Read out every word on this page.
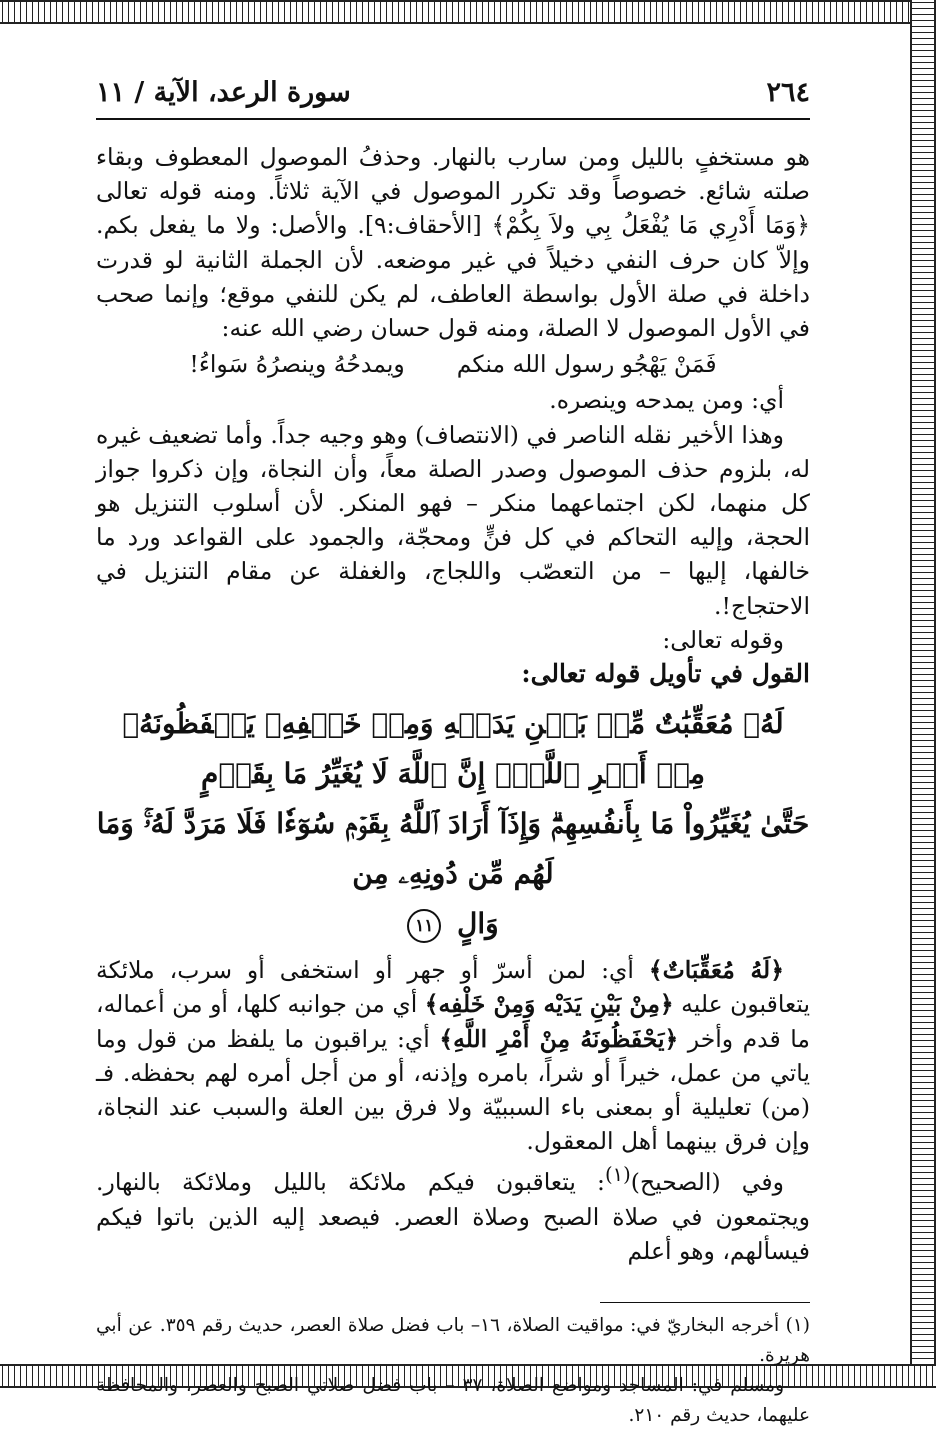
٢٦٤
سورة الرعد، الآية / ١١

هو مستخفٍ بالليل ومن سارب بالنهار. وحذفُ الموصول المعطوف وبقاء صلته شائع. خصوصاً وقد تكرر الموصول في الآية ثلاثاً. ومنه قوله تعالى ﴿وَمَا أَدْرِي مَا يُفْعَلُ بِي ولاَ بِكُمْ﴾ [الأحقاف:٩]. والأصل: ولا ما يفعل بكم. وإلاّ كان حرف النفي دخيلاً في غير موضعه. لأن الجملة الثانية لو قدرت داخلة في صلة الأول بواسطة العاطف، لم يكن للنفي موقع؛ وإنما صحب في الأول الموصول لا الصلة، ومنه قول حسان رضي الله عنه:

فَمَنْ يَهْجُو رسول الله منكم
ويمدحُهُ وينصرُهُ سَواءُ!

أي: ومن يمدحه وينصره.

وهذا الأخير نقله الناصر في (الانتصاف) وهو وجيه جداً. وأما تضعيف غيره له، بلزوم حذف الموصول وصدر الصلة معاً، وأن النجاة، وإن ذكروا جواز كل منهما، لكن اجتماعهما منكر – فهو المنكر. لأن أسلوب التنزيل هو الحجة، وإليه التحاكم في كل فنٍّ ومحجّة، والجمود على القواعد ورد ما خالفها، إليها – من التعصّب واللجاج، والغفلة عن مقام التنزيل في الاحتجاج!.

وقوله تعالى:

القول في تأويل قوله تعالى:

لَهُۥ مُعَقِّبَٰتٌ مِّنۢ بَيۡنِ يَدَيۡهِ وَمِنۡ خَلۡفِهِۦ يَحۡفَظُونَهُۥ مِنۡ أَمۡرِ ٱللَّهِۗ إِنَّ ٱللَّهَ لَا يُغَيِّرُ مَا بِقَوۡمٍ
حَتَّىٰ يُغَيِّرُواْ مَا بِأَنفُسِهِمۡۗ وَإِذَآ أَرَادَ ٱللَّهُ بِقَوۡمٖ سُوٓءٗا فَلَا مَرَدَّ لَهُۥۚ وَمَا لَهُم مِّن دُونِهِۦ مِن
وَالٍ ١١

﴿لَهُ مُعَقِّبَاتٌ﴾ أي: لمن أسرّ أو جهر أو استخفى أو سرب، ملائكة يتعاقبون عليه ﴿مِنْ بَيْنِ يَدَيْه وَمِنْ خَلْفِه﴾ أي من جوانبه كلها، أو من أعماله، ما قدم وأخر ﴿يَحْفَظُونَهُ مِنْ أَمْرِ اللَّهِ﴾ أي: يراقبون ما يلفظ من قول وما ياتي من عمل، خيراً أو شراً، بامره وإذنه، أو من أجل أمره لهم بحفظه. فـ (من) تعليلية أو بمعنى باء السببيّة ولا فرق بين العلة والسبب عند النجاة، وإن فرق بينهما أهل المعقول.

وفي (الصحيح)$^{(١)}$: يتعاقبون فيكم ملائكة بالليل وملائكة بالنهار. ويجتمعون في صلاة الصبح وصلاة العصر. فيصعد إليه الذين باتوا فيكم فيسألهم، وهو أعلم

(١) أخرجه البخاريّ في: مواقيت الصلاة، ١٦– باب فضل صلاة العصر، حديث رقم ٣٥٩. عن أبي هريرة.

ومسلم في: المساجد ومواضع الصلاة، ٣٧ – باب فضل صلاتي الصبح والعصر، والمحافظة عليهما، حديث رقم ٢١٠.
